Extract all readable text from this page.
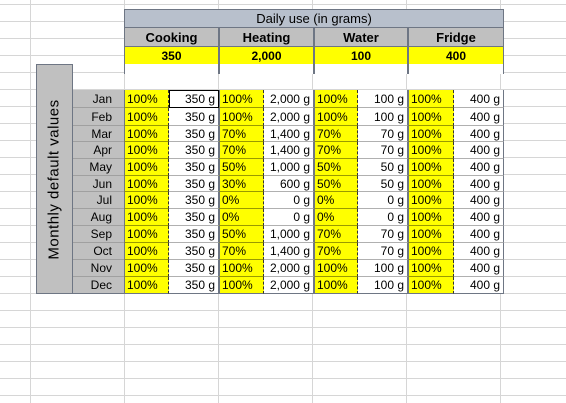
Daily use (in grams)
Cooking	Heating	Water	Fridge
350	2,000	100	400
Monthly default values
Jan	100%	350 g 100%	2,000 g 100%	100 g 100%	400 g
Feb	100%	350 g 100%	2,000 g 100%	100 g 100%	400 g
Mar	100%	350 g 70%	1,400 g 70%	70 g 100%	400 g
Apr	100%	350 g 70%	1,400 g 70%	70 g 100%	400 g
May	100%	350 g 50%	1,000 g 50%	50 g 100%	400 g
Jun	100%	350 g 30%	600 g 50%	50 g 100%	400 g
Jul	100%	350 g 0%	0 g 0%	0 g 100%	400 g
Aug	100%	350 g 0%	0 g 0%	0 g 100%	400 g
Sep	100%	350 g 50%	1,000 g 70%	70 g 100%	400 g
Oct	100%	350 g 70%	1,400 g 70%	70 g 100%	400 g
Nov	100%	350 g 100%	2,000 g 100%	100 g 100%	400 g
Dec	100%	350 g 100%	2,000 g 100%	100 g 100%	400 g
